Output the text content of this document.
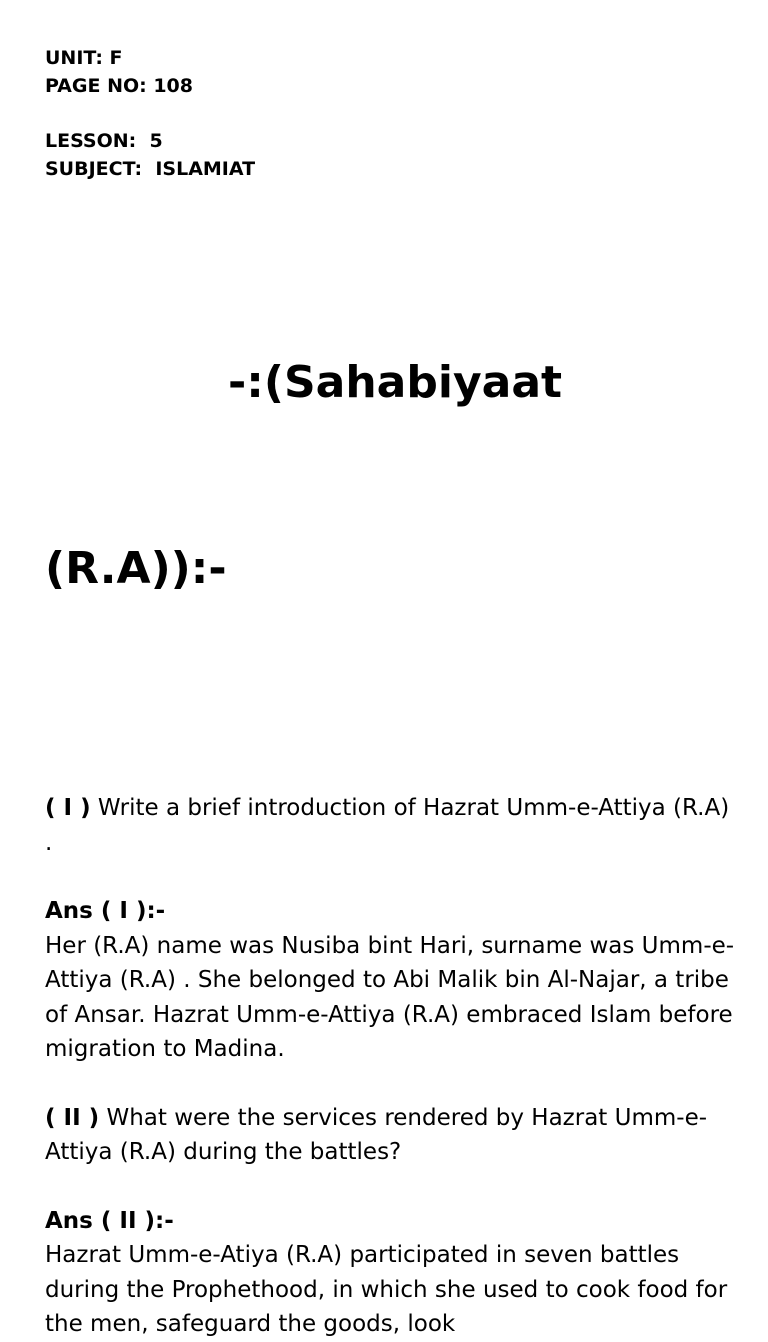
UNIT: F
PAGE NO: 108
LESSON:  5
SUBJECT:  ISLAMIAT

-:(Sahabiyaat

(R.A)):-

( I ) Write a brief introduction of Hazrat Umm-e-Attiya (R.A) .
Ans ( I ):-
Her (R.A) name was Nusiba bint Hari, surname was Umm-e-Attiya (R.A) . She belonged to Abi Malik bin Al-Najar, a tribe of Ansar. Hazrat Umm-e-Attiya (R.A) embraced Islam before migration to Madina.
( II ) What were the services rendered by Hazrat Umm-e-Attiya (R.A) during the battles?
Ans ( II ):-
Hazrat Umm-e-Atiya (R.A) participated in seven battles during the Prophethood, in which she used to cook food for the men, safeguard the goods, look
